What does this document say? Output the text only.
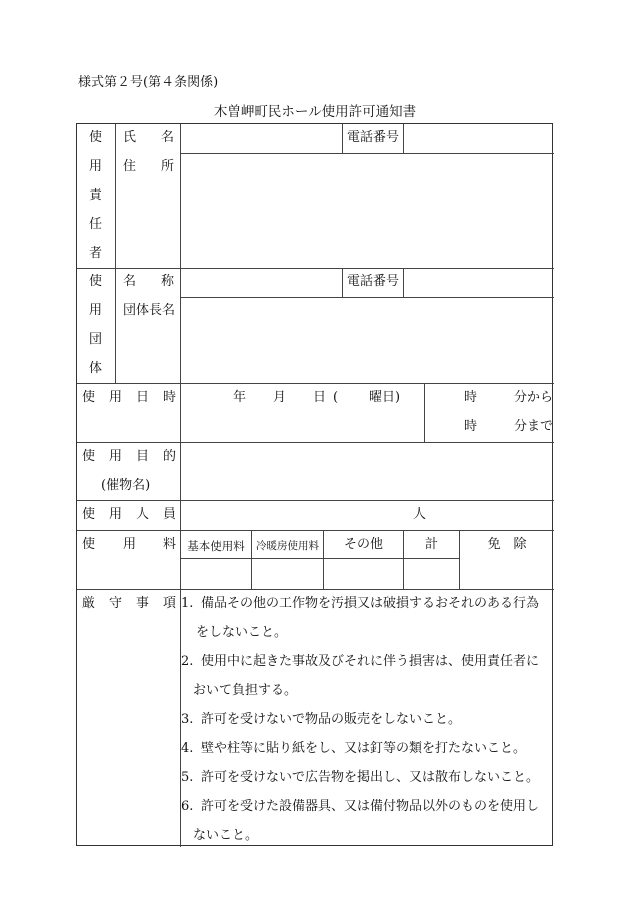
様式第２号(第４条関係)
木曽岬町民ホール使用許可通知書
使
用
責
任
者
氏 名	電話番号
住 所
使
用
団
体
名 称	電話番号
団体長名
使 用 日 時	年 月 日 ( 曜日)	時	分から
時	分まで
使 用 目 的
(催物名)
使 用 人 員	人
使 用 料 基本使用料	冷暖房使用料	その他	計	免　除
厳 守 事 項 1. 備品その他の工作物を汚損又は破損するおそれのある行為
をしないこと。
2. 使用中に起きた事故及びそれに伴う損害は、使用責任者に
おいて負担する。
3. 許可を受けないで物品の販売をしないこと。
4. 壁や柱等に貼り紙をし、又は釘等の類を打たないこと。
5. 許可を受けないで広告物を掲出し、又は散布しないこと。
6. 許可を受けた設備器具、又は備付物品以外のものを使用し
ないこと。
